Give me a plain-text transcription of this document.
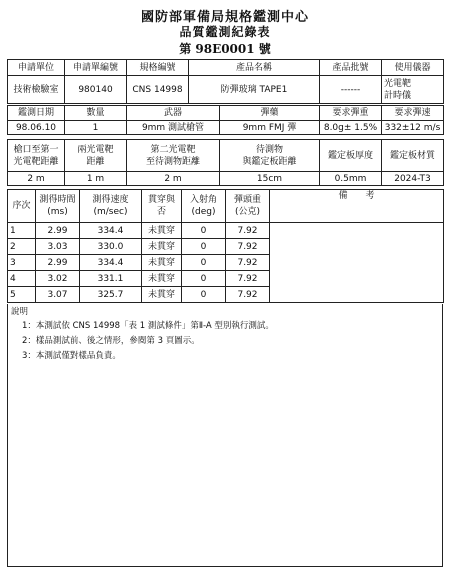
國防部軍備局規格鑑測中心
品質鑑測紀錄表
第 98E0001 號
申請單位	申請單編號	規格編號	產品名稱	產品批號	使用儀器
技術檢驗室	980140	CNS 14998	防彈玻璃 TAPE1	------	光電靶
計時儀
鑑測日期	數量	武器	彈藥	要求彈重	要求彈速
98.06.10	1	9mm 測試槍管	9mm FMJ 彈	8.0g± 1.5%	332±12 m/s
槍口至第一
光電靶距離	兩光電靶
距離	第二光電靶
至待測物距離	待測物
與鑑定板距離	鑑定板厚度	鑑定板材質
2 m	1 m	2 m	15cm	0.5mm	2024-T3
序次	測得時間
(ms)	測得速度
(m/sec)	貫穿與否	入射角
(deg)	彈頭重
(公克)	備　　考
1	2.99	334.4	未貫穿	0	7.92	
2	3.03	330.0	未貫穿	0	7.92	
3	2.99	334.4	未貫穿	0	7.92	
4	3.02	331.1	未貫穿	0	7.92	
5	3.07	325.7	未貫穿	0	7.92	
說明
1：本測試依 CNS 14998「表 1 測試條件」第Ⅱ-A 型別執行測試。
2：樣品測試前、後之情形，參閱第 3 頁圖示。
3：本測試僅對樣品負責。
